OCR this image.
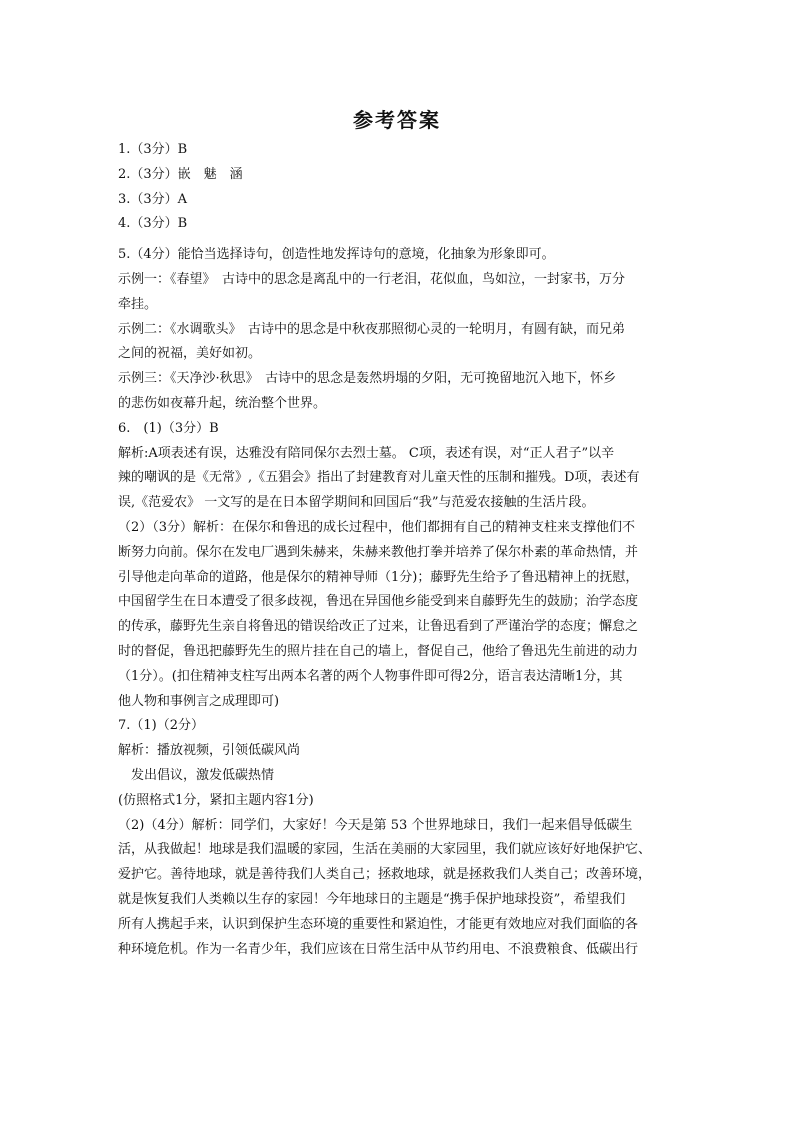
参考答案

1.（3分）B

2.（3分）嵌　魅　涵

3.（3分）A

4.（3分）B

5.（4分）能恰当选择诗句，创造性地发挥诗句的意境，化抽象为形象即可。

示例一：《春望》　古诗中的思念是离乱中的一行老泪，花似血，鸟如泣，一封家书，万分

牵挂。

示例二：《水调歌头》　古诗中的思念是中秋夜那照彻心灵的一轮明月，有圆有缺，而兄弟

之间的祝福，美好如初。

示例三：《天净沙·秋思》　古诗中的思念是轰然坍塌的夕阳，无可挽留地沉入地下，怀乡

的悲伤如夜幕升起，统治整个世界。

6.　(1)（3分）B

解析:A项表述有误，达雅没有陪同保尔去烈士墓。 C项，表述有误，对“正人君子”以辛

辣的嘲讽的是《无常》,《五猖会》指出了封建教育对儿童天性的压制和摧残。D项，表述有

误,《范爱农》 一文写的是在日本留学期间和回国后“我”与范爱农接触的生活片段。

（2）（3分）解析：在保尔和鲁迅的成长过程中，他们都拥有自己的精神支柱来支撑他们不

断努力向前。保尔在发电厂遇到朱赫来，朱赫来教他打拳并培养了保尔朴素的革命热情，并

引导他走向革命的道路，他是保尔的精神导师（1分)；藤野先生给予了鲁迅精神上的抚慰，

中国留学生在日本遭受了很多歧视，鲁迅在异国他乡能受到来自藤野先生的鼓励；治学态度

的传承，藤野先生亲自将鲁迅的错误给改正了过来，让鲁迅看到了严谨治学的态度；懈怠之

时的督促，鲁迅把藤野先生的照片挂在自己的墙上，督促自己，他给了鲁迅先生前进的动力

（1分）。(扣住精神支柱写出两本名著的两个人物事件即可得2分，语言表达清晰1分，其

他人物和事例言之成理即可)

7.（1)（2分）

解析：播放视频，引领低碳风尚

　发出倡议，激发低碳热情

(仿照格式1分，紧扣主题内容1分)

（2)（4分）解析：同学们，大家好！今天是第 53 个世界地球日，我们一起来倡导低碳生

活，从我做起！地球是我们温暖的家园，生活在美丽的大家园里，我们就应该好好地保护它、

爱护它。善待地球，就是善待我们人类自己；拯救地球，就是拯救我们人类自己；改善环境，

就是恢复我们人类赖以生存的家园！今年地球日的主题是“携手保护地球投资”，希望我们

所有人携起手来，认识到保护生态环境的重要性和紧迫性，才能更有效地应对我们面临的各

种环境危机。作为一名青少年，我们应该在日常生活中从节约用电、不浪费粮食、低碳出行
